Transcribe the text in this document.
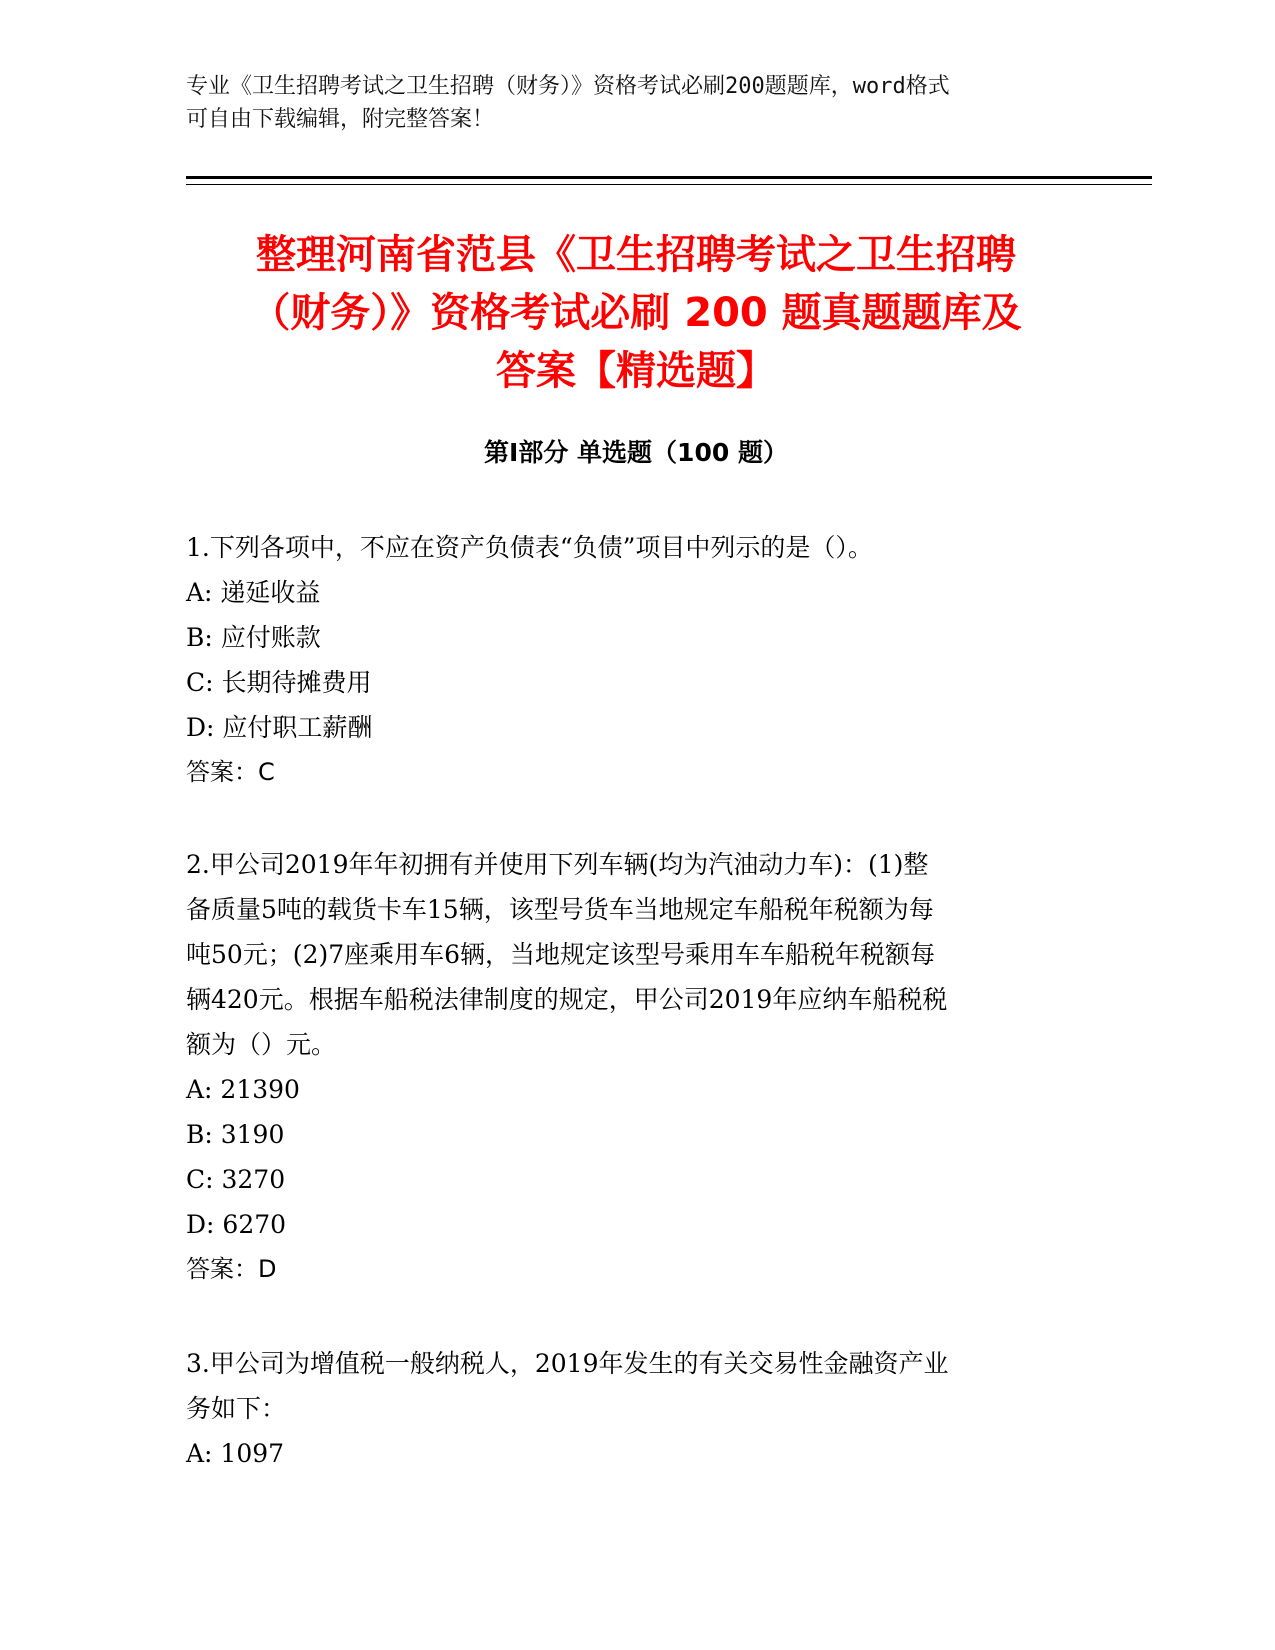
专业《卫生招聘考试之卫生招聘（财务）》资格考试必刷200题题库，word格式
可自由下载编辑，附完整答案！
整理河南省范县《卫生招聘考试之卫生招聘
（财务）》资格考试必刷 200 题真题题库及
答案【精选题】
第Ⅰ部分 单选题（100 题）
1.下列各项中，不应在资产负债表“负债”项目中列示的是（）。
A: 递延收益
B: 应付账款
C: 长期待摊费用
D: 应付职工薪酬
答案：C
2.甲公司2019年年初拥有并使用下列车辆(均为汽油动力车)：(1)整
备质量5吨的载货卡车15辆，该型号货车当地规定车船税年税额为每
吨50元；(2)7座乘用车6辆，当地规定该型号乘用车车船税年税额每
辆420元。根据车船税法律制度的规定，甲公司2019年应纳车船税税
额为（）元。
A: 21390
B: 3190
C: 3270
D: 6270
答案：D
3.甲公司为增值税一般纳税人，2019年发生的有关交易性金融资产业
务如下：
A: 1097
